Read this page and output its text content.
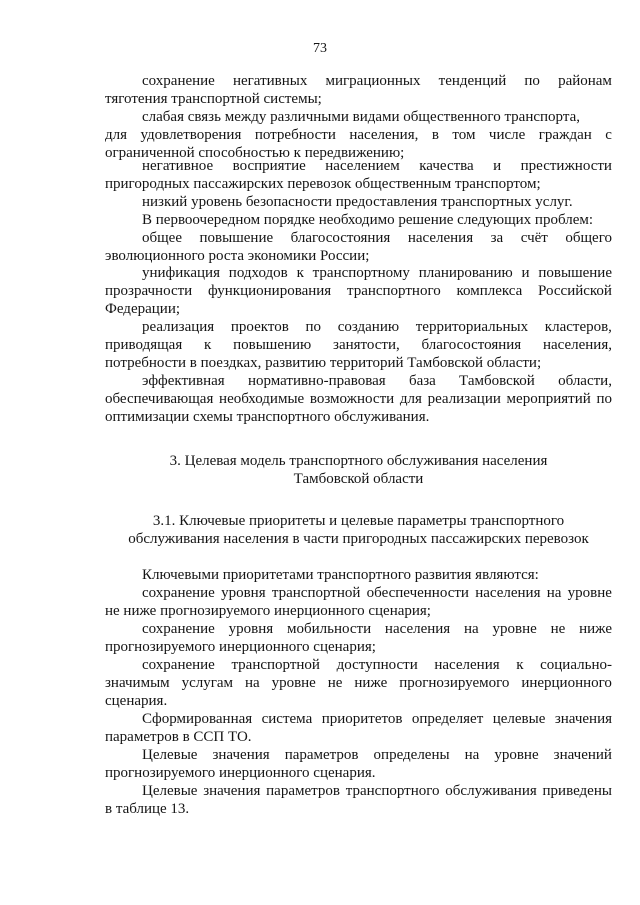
73
сохранение негативных миграционных тенденций по районам
тяготения транспортной системы;
слабая связь между различными видами общественного транспорта,
для удовлетворения потребности населения, в том числе граждан с
ограниченной способностью к передвижению;
негативное восприятие населением качества и престижности
пригородных пассажирских перевозок общественным транспортом;
низкий уровень безопасности предоставления транспортных услуг.
В первоочередном порядке необходимо решение следующих проблем:
общее повышение благосостояния населения за счёт общего
эволюционного роста экономики России;
унификация подходов к транспортному планированию и повышение
прозрачности функционирования транспортного комплекса Российской
Федерации;
реализация проектов по созданию территориальных кластеров,
приводящая к повышению занятости, благосостояния населения,
потребности в поездках, развитию территорий Тамбовской области;
эффективная нормативно-правовая база Тамбовской области,
обеспечивающая необходимые возможности для реализации мероприятий по
оптимизации схемы транспортного обслуживания.
3. Целевая модель транспортного обслуживания населения
Тамбовской области
3.1. Ключевые приоритеты и целевые параметры транспортного
обслуживания населения в части пригородных пассажирских перевозок
Ключевыми приоритетами транспортного развития являются:
сохранение уровня транспортной обеспеченности населения на уровне
не ниже прогнозируемого инерционного сценария;
сохранение уровня мобильности населения на уровне не ниже
прогнозируемого инерционного сценария;
сохранение транспортной доступности населения к социально-
значимым услугам на уровне не ниже прогнозируемого инерционного
сценария.
Сформированная система приоритетов определяет целевые значения
параметров в ССП ТО.
Целевые значения параметров определены на уровне значений
прогнозируемого инерционного сценария.
Целевые значения параметров транспортного обслуживания приведены
в таблице 13.
